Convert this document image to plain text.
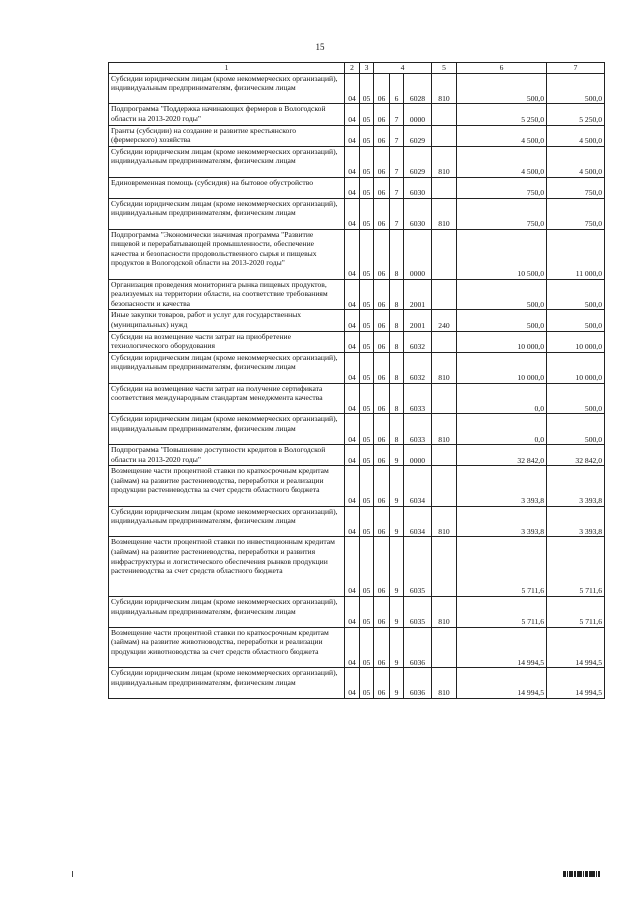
15
1	2	3	4			5	6	7
Субсидии юридическим лицам (кроме некоммерческих организаций), индивидуальным предпринимателям, физическим лицам	04	05	06	6	6028	810	500,0	500,0
Подпрограмма "Поддержка начинающих фермеров в Вологодской области на 2013-2020 годы"	04	05	06	7	0000		5 250,0	5 250,0
Гранты (субсидии) на создание и развитие крестьянского (фермерского) хозяйства	04	05	06	7	6029		4 500,0	4 500,0
Субсидии юридическим лицам (кроме некоммерческих организаций), индивидуальным предпринимателям, физическим лицам	04	05	06	7	6029	810	4 500,0	4 500,0
Единовременная помощь (субсидия) на бытовое обустройство	04	05	06	7	6030		750,0	750,0
Субсидии юридическим лицам (кроме некоммерческих организаций), индивидуальным предпринимателям, физическим лицам	04	05	06	7	6030	810	750,0	750,0
Подпрограмма "Экономически значимая программа "Развитие пищевой и перерабатывающей промышленности, обеспечение качества и безопасности продовольственного сырья и пищевых продуктов в Вологодской области на 2013-2020 годы"	04	05	06	8	0000		10 500,0	11 000,0
Организация проведения мониторинга рынка пищевых продуктов, реализуемых на территории области, на соответствие требованиям безопасности и качества	04	05	06	8	2001		500,0	500,0
Иные закупки товаров, работ и услуг для государственных (муниципальных) нужд	04	05	06	8	2001	240	500,0	500,0
Субсидии на возмещение части затрат на приобретение технологического оборудования	04	05	06	8	6032		10 000,0	10 000,0
Субсидии юридическим лицам (кроме некоммерческих организаций), индивидуальным предпринимателям, физическим лицам	04	05	06	8	6032	810	10 000,0	10 000,0
Субсидии на возмещение части затрат на получение сертификата соответствия международным стандартам менеджмента качества	04	05	06	8	6033		0,0	500,0
Субсидии юридическим лицам (кроме некоммерческих организаций), индивидуальным предпринимателям, физическим лицам	04	05	06	8	6033	810	0,0	500,0
Подпрограмма "Повышение доступности кредитов в Вологодской области на 2013-2020 годы"	04	05	06	9	0000		32 842,0	32 842,0
Возмещение части процентной ставки по краткосрочным кредитам (займам) на развитие растениеводства, переработки и реализации продукции растениеводства за счет средств областного бюджета	04	05	06	9	6034		3 393,8	3 393,8
Субсидии юридическим лицам (кроме некоммерческих организаций), индивидуальным предпринимателям, физическим лицам	04	05	06	9	6034	810	3 393,8	3 393,8
Возмещение части процентной ставки по инвестиционным кредитам (займам) на развитие растениеводства, переработки и развития инфраструктуры и логистического обеспечения рынков продукции растениеводства за счет средств областного бюджета	04	05	06	9	6035		5 711,6	5 711,6
Субсидии юридическим лицам (кроме некоммерческих организаций), индивидуальным предпринимателям, физическим лицам	04	05	06	9	6035	810	5 711,6	5 711,6
Возмещение части процентной ставки по краткосрочным кредитам (займам) на развитие животноводства, переработки и реализации продукции животноводства за счет средств областного бюджета	04	05	06	9	6036		14 994,5	14 994,5
Субсидии юридическим лицам (кроме некоммерческих организаций), индивидуальным предпринимателям, физическим лицам	04	05	06	9	6036	810	14 994,5	14 994,5
